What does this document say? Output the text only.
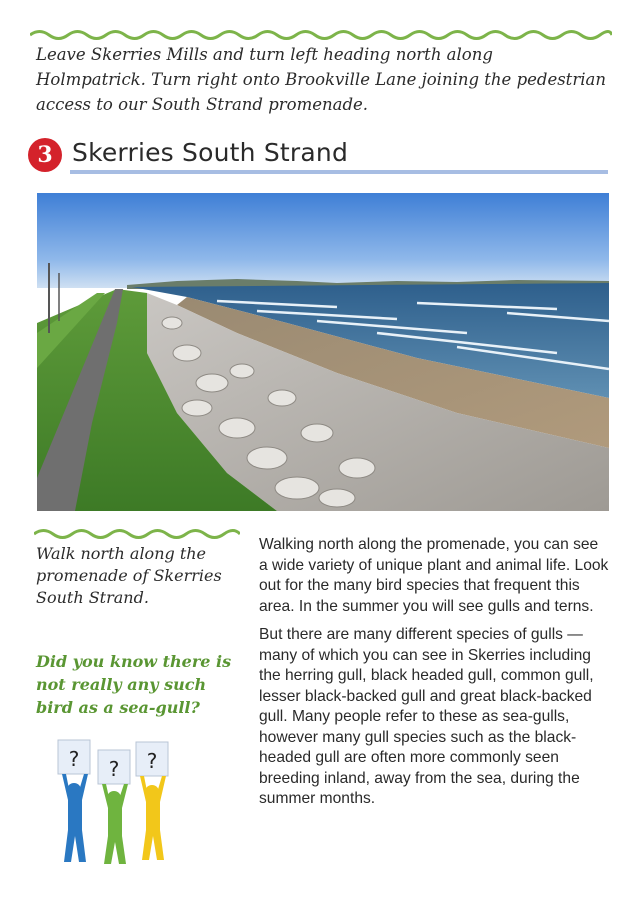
Leave Skerries Mills and turn left heading north along Holmpatrick. Turn right onto Brookville Lane joining the pedestrian access to our South Strand promenade.
3 Skerries South Strand
Walk north along the promenade of Skerries South Strand.
Did you know there is not really any such bird as a sea-gull?
? ? ?

Walking north along the promenade, you can see a wide variety of unique plant and animal life. Look out for the many bird species that frequent this area. In the summer you will see gulls and terns.

But there are many different species of gulls — many of which you can see in Skerries including the herring gull, black headed gull, common gull, lesser black-backed gull and great black-backed gull. Many people refer to these as sea-gulls, however many gull species such as the black-headed gull are often more commonly seen breeding inland, away from the sea, during the summer months.
